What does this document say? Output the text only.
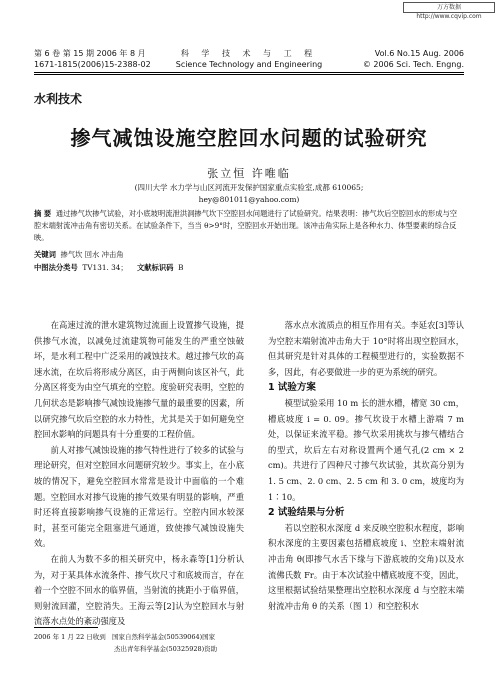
万方数据 http://www.cqvip.com
第 6 卷 第 15 期 2006 年 8 月
1671-1815(2006)15-2388-02
科 学 技 术 与 工 程
Science Technology and Engineering
Vol.6 No.15 Aug. 2006
© 2006 Sci. Tech. Engng.
水利技术
掺气减蚀设施空腔回水问题的试验研究
张立恒 许唯临
(四川大学 水力学与山区河流开发保护国家重点实验室,成都 610065;
hey@801011@yahoo.com)
摘 要 通过掺气坎掺气试验，对小底坡明流泄洪洞掺气坎下空腔回水问题进行了试验研究。结果表明：掺气坎后空腔回水的形成与空腔末端射流冲击角有密切关系。在试验条件下，当当 θ>9°时，空腔回水开始出现。该冲击角实际上是各种水力、体型要素的综合反映。
关键词 掺气坎 回水 冲击角
中图法分类号 TV131. 34； 文献标识码 B

在高速过流的泄水建筑物过流面上设置掺气设施，提供掺气水流，以减免过流建筑物可能发生的严重空蚀破坏，是水利工程中广泛采用的减蚀技术。越过掺气坎的高速水流，在坎后将形成分离区，由于两侧向该区补气，此分离区将变为由空气填充的空腔。度验研究表明，空腔的几何状态是影响掺气减蚀设施掺气量的最重要的因素，所以研究掺气坎后空腔的水力特性，尤其是关于如何避免空腔回水影响的问题具有十分重要的工程价值。

前人对掺气减蚀设施的掺气特性进行了较多的试验与理论研究，但对空腔回水问题研究较少。事实上，在小底坡的情况下，避免空腔回水常常是设计中面临的一个难题。空腔回水对掺气设施的掺气效果有明显的影响，严重时还将直接影响掺气设施的正常运行。空腔内回水较深时，甚至可能完全阻塞进气通道，致使掺气减蚀设施失效。

在前人为数不多的相关研究中，杨永森等[1]分析认为，对于某具体水流条件、掺气坎尺寸和底坡而言，存在着一个空腔不回水的临界值，当射流的挑距小于临界值，则射流回灌，空腔消失。王海云等[2]认为空腔回水与射流落水点处的紊动强度及

落水点水流质点的相互作用有关。李延农[3]等认为空腔末端射流冲击角大于 10°时将出现空腔回水，但其研究是针对具体的工程模型进行的，实验数据不多，因此，有必要做进一步的更为系统的研究。

1 试验方案

模型试验采用 10 m 长的泄水槽，槽宽 30 cm，槽底坡度 i = 0. 09。掺气坎设于水槽上游端 7 m 处，以保证来流平稳。掺气坎采用挑坎与掺气槽结合的型式，坎后左右对称设置两个通气孔(2 cm × 2 cm)。共进行了四种尺寸掺气坎试验，其坎高分别为 1. 5 cm、2. 0 cm、2. 5 cm 和 3. 0 cm，坡度均为 1∶10。

2 试验结果与分析

若以空腔积水深度 d 来反映空腔积水程度，影响积水深度的主要因素包括槽底坡度 i、空腔末端射流冲击角 θ(即掺气水舌下缘与下游底坡的交角)以及水流佛氏数 Fr。由于本次试验中槽底坡度不变，因此，这里根据试验结果整理出空腔积水深度 d 与空腔末端射流冲击角 θ 的关系（图 1）和空腔积水

2006 年 1 月 22 日收到 国家自然科学基金(50539064)国家
杰出青年科学基金(50325928)资助
